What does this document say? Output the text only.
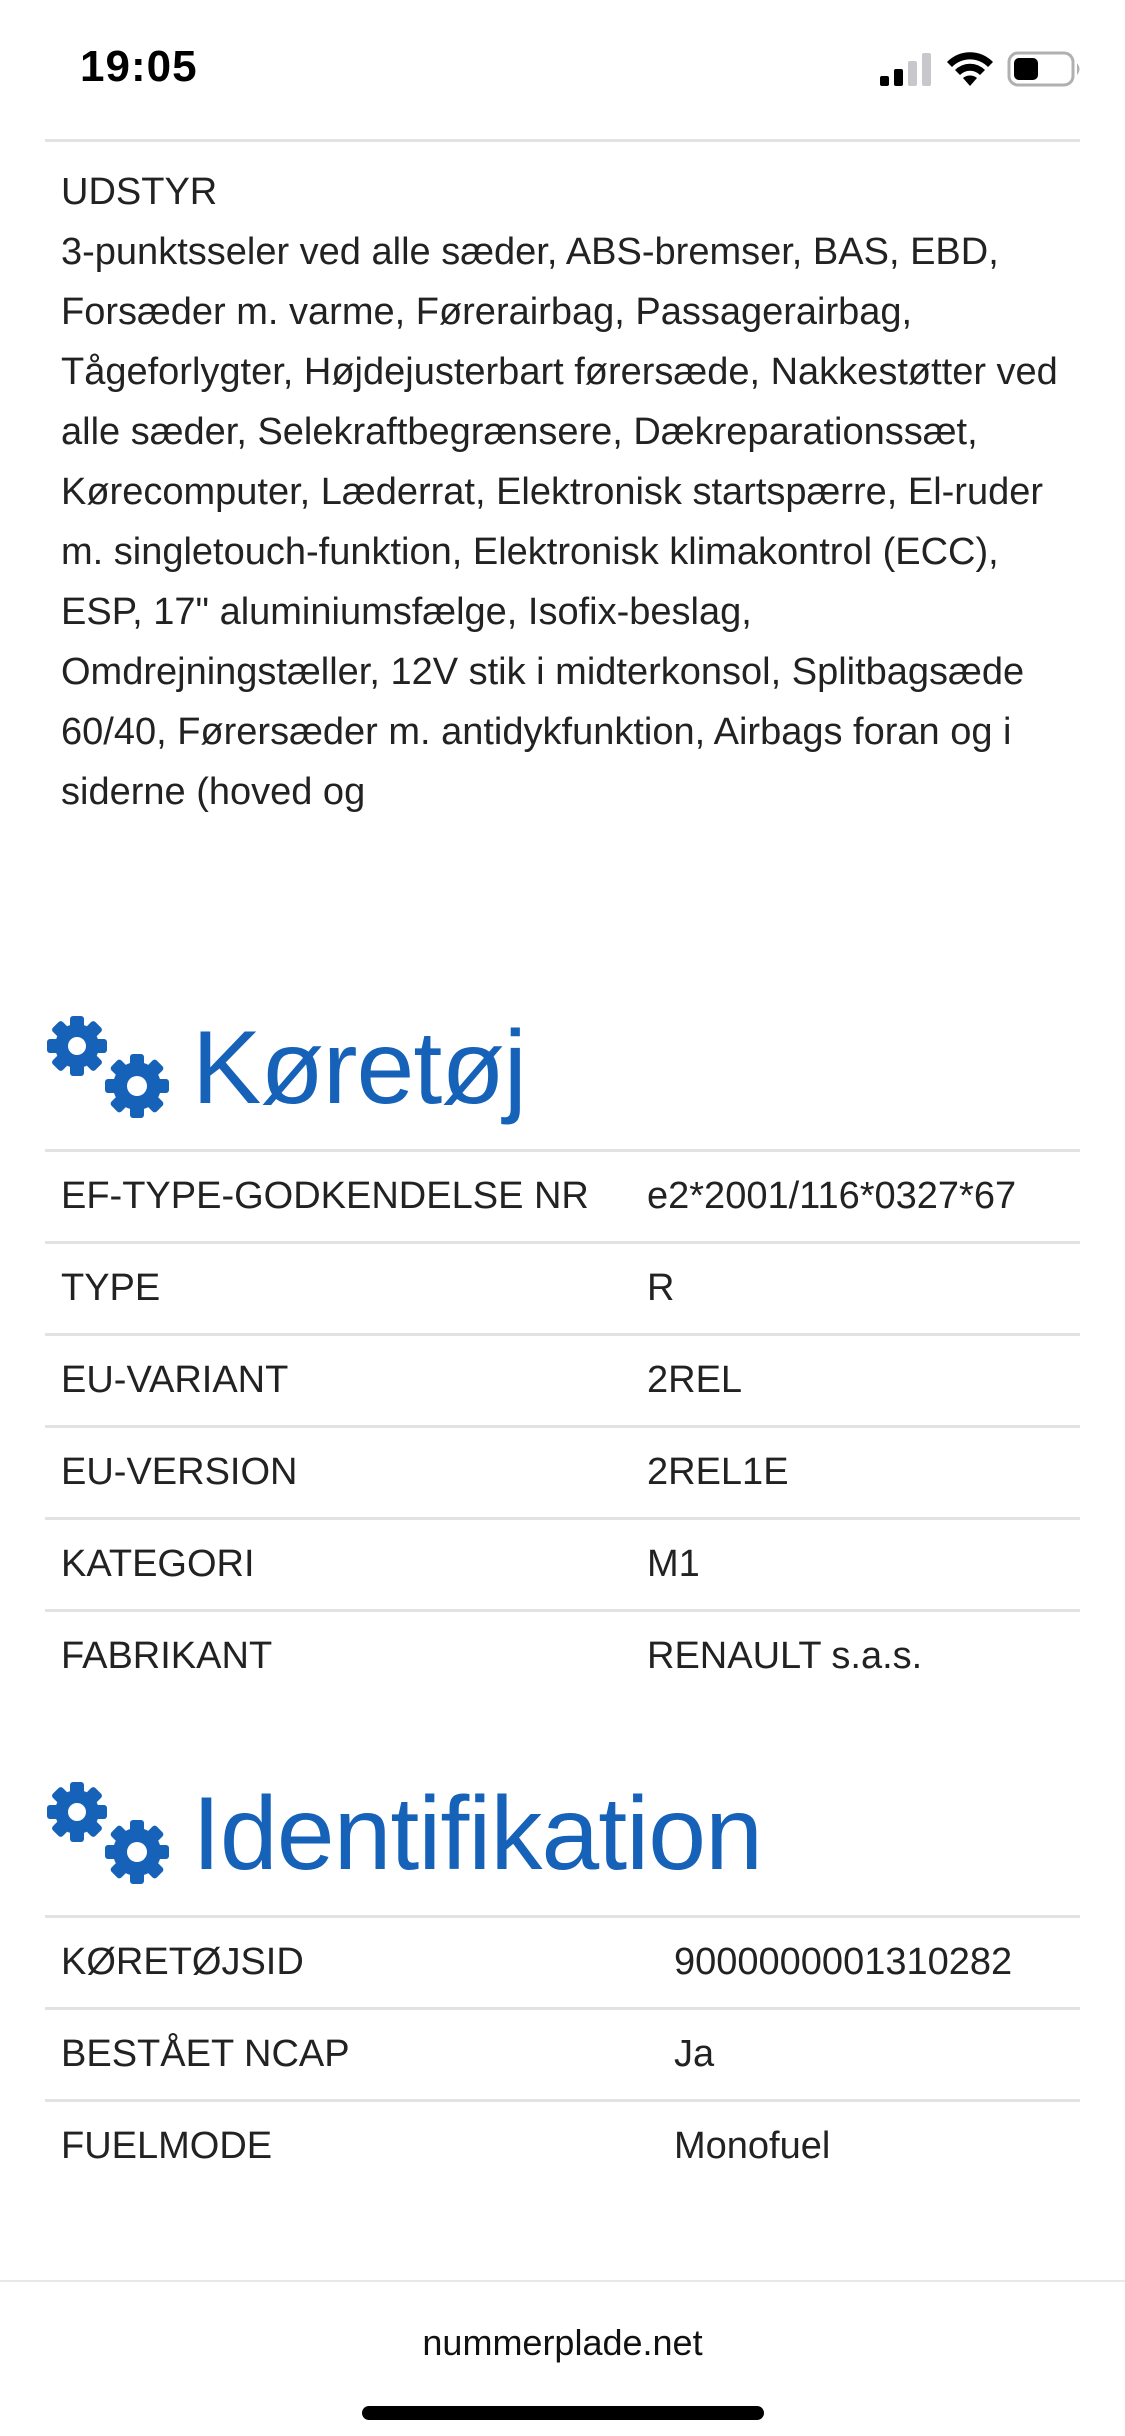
19:05
UDSTYR
3-punktsseler ved alle sæder, ABS-bremser, BAS, EBD, Forsæder m. varme, Førerairbag, Passagerairbag, Tågeforlygter, Højdejusterbart førersæde, Nakkestøtter ved alle sæder, Selekraftbegrænsere, Dækreparationssæt, Kørecomputer, Læderrat, Elektronisk startspærre, El-ruder m. singletouch-funktion, Elektronisk klimakontrol (ECC), ESP, 17" aluminiumsfælge, Isofix-beslag, Omdrejningstæller, 12V stik i midterkonsol, Splitbagsæde 60/40, Førersæder m. antidykfunktion, Airbags foran og i siderne (hoved og
Køretøj
EF-TYPE-GODKENDELSE NR e2*2001/116*0327*67
TYPE	R
EU-VARIANT	2REL
EU-VERSION	2REL1E
KATEGORI	M1
FABRIKANT	RENAULT s.a.s.
Identifikation
KØRETØJSID	9000000001310282
BESTÅET NCAP	Ja
FUELMODE	Monofuel
nummerplade.net
